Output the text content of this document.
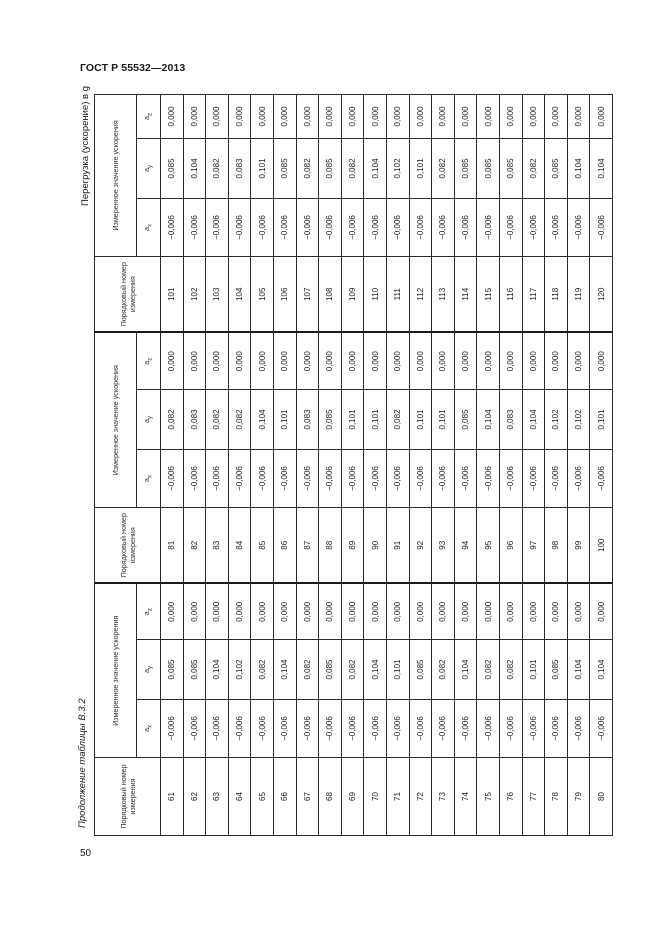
ГОСТ Р 55532—2013
50
Продолжение таблицы В.3.2
Перегрузка (ускорение) в g
Порядковый номер измерения	Измеренное значение ускорения			Порядковый номер измерения	Измеренное значение ускорения			Порядковый номер измерения	Измеренное значение ускорения		
	$a_x$	$a_y$	$a_z$		$a_x$	$a_y$	$a_z$		$a_x$	$a_y$	$a_z$
61	−0,006	0,085	0,000	81	−0,006	0,082	0,000	101	−0,006	0,085	0,000
62	−0,006	0,085	0,000	82	−0,006	0,083	0,000	102	−0,006	0,104	0,000
63	−0,006	0,104	0,000	83	−0,006	0,082	0,000	103	−0,006	0,082	0,000
64	−0,006	0,102	0,000	84	−0,006	0,082	0,000	104	−0,006	0,083	0,000
65	−0,006	0,082	0,000	85	−0,006	0,104	0,000	105	−0,006	0,101	0,000
66	−0,006	0,104	0,000	86	−0,006	0,101	0,000	106	−0,006	0,085	0,000
67	−0,006	0,082	0,000	87	−0,006	0,083	0,000	107	−0,006	0,082	0,000
68	−0,006	0,085	0,000	88	−0,006	0,085	0,000	108	−0,006	0,085	0,000
69	−0,006	0,082	0,000	89	−0,006	0,101	0,000	109	−0,006	0,082	0,000
70	−0,006	0,104	0,000	90	−0,006	0,101	0,000	110	−0,006	0,104	0,000
71	−0,006	0,101	0,000	91	−0,006	0,082	0,000	111	−0,006	0,102	0,000
72	−0,006	0,085	0,000	92	−0,006	0,101	0,000	112	−0,006	0,101	0,000
73	−0,006	0,082	0,000	93	−0,006	0,101	0,000	113	−0,006	0,082	0,000
74	−0,006	0,104	0,000	94	−0,006	0,085	0,000	114	−0,006	0,085	0,000
75	−0,006	0,082	0,000	95	−0,006	0,104	0,000	115	−0,006	0,085	0,000
76	−0,006	0,082	0,000	96	−0,006	0,083	0,000	116	−0,006	0,085	0,000
77	−0,006	0,101	0,000	97	−0,006	0,104	0,000	117	−0,006	0,082	0,000
78	−0,006	0,085	0,000	98	−0,006	0,102	0,000	118	−0,006	0,085	0,000
79	−0,006	0,104	0,000	99	−0,006	0,102	0,000	119	−0,006	0,104	0,000
80	−0,006	0,104	0,000	100	−0,006	0,101	0,000	120	−0,006	0,104	0,000
